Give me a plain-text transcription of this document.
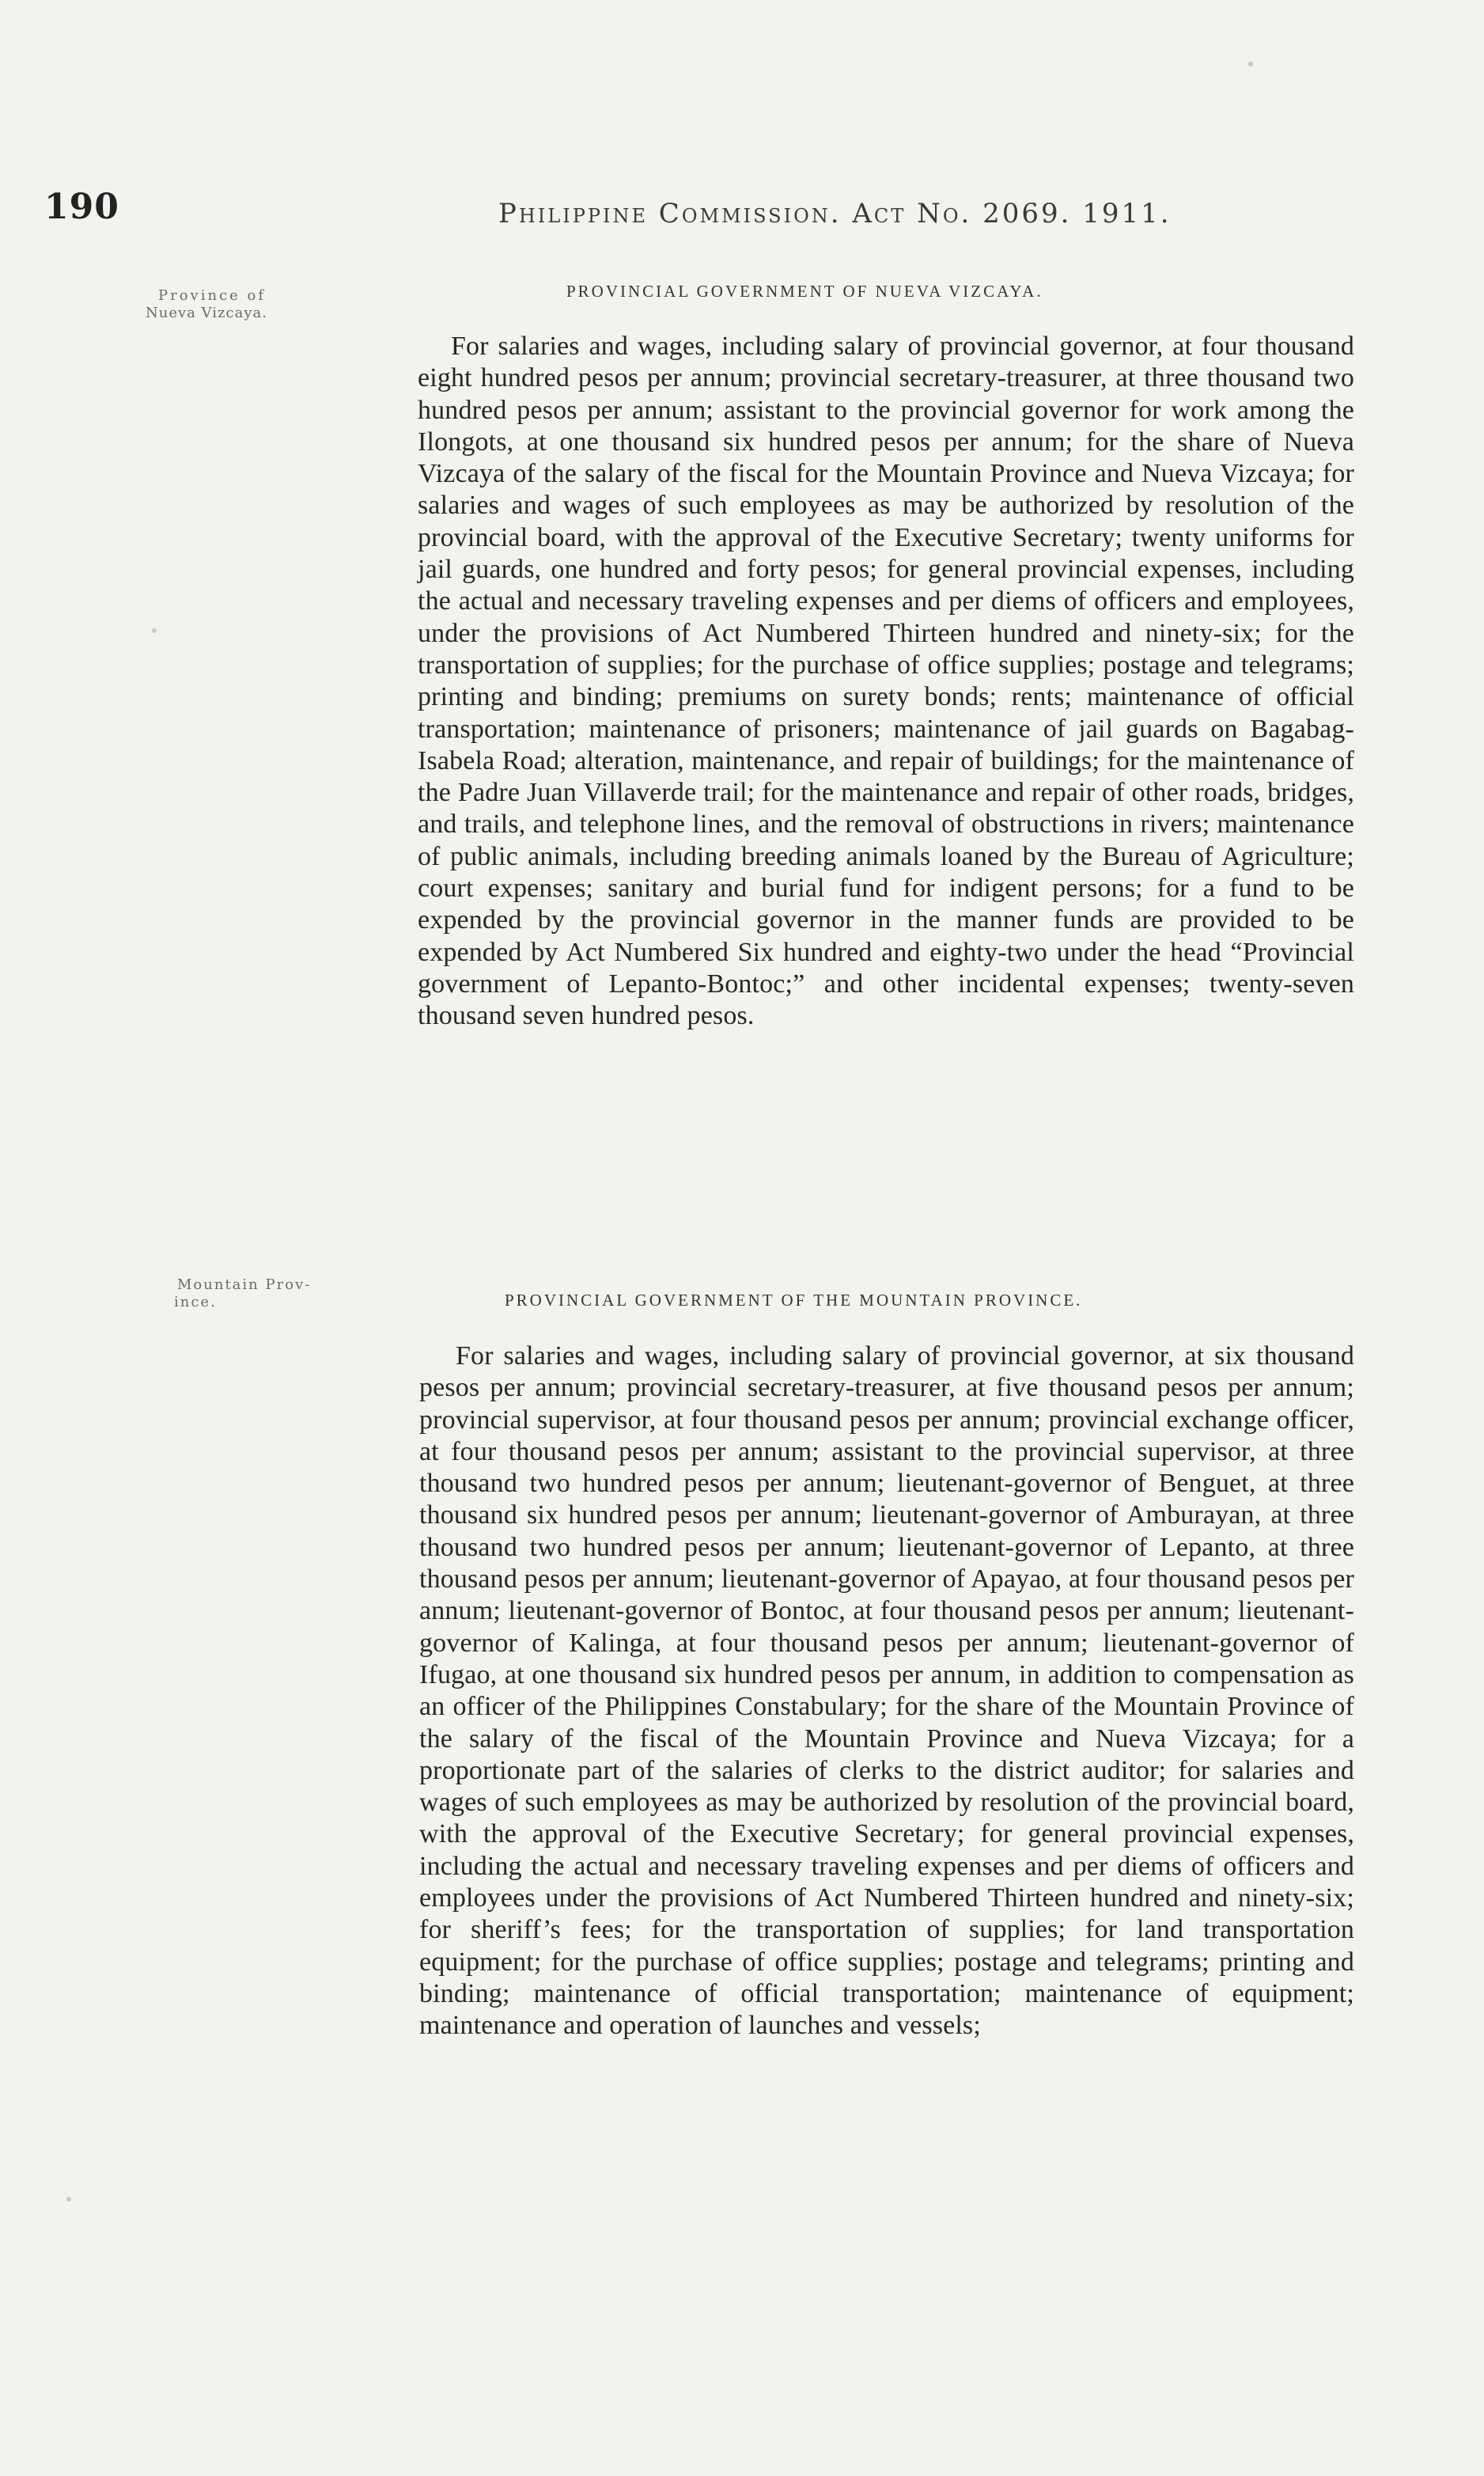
190	Philippine Commission. Act No. 2069. 1911.
Province of
Nueva Vizcaya.
PROVINCIAL GOVERNMENT OF NUEVA VIZCAYA.
For salaries and wages, including salary of provincial governor, at four thousand eight hundred pesos per annum; provincial secretary-treasurer, at three thousand two hundred pesos per annum; assistant to the provincial governor for work among the Ilongots, at one thousand six hundred pesos per annum; for the share of Nueva Vizcaya of the salary of the fiscal for the Mountain Province and Nueva Vizcaya; for salaries and wages of such employees as may be authorized by resolution of the provincial board, with the approval of the Executive Secretary; twenty uniforms for jail guards, one hundred and forty pesos; for general provincial expenses, including the actual and necessary traveling expenses and per diems of officers and employees, under the provisions of Act Numbered Thirteen hundred and ninety-six; for the transportation of supplies; for the purchase of office supplies; postage and telegrams; printing and binding; premiums on surety bonds; rents; maintenance of official transportation; maintenance of prisoners; maintenance of jail guards on Bagabag-Isabela Road; alteration, maintenance, and repair of buildings; for the maintenance of the Padre Juan Villaverde trail; for the maintenance and repair of other roads, bridges, and trails, and telephone lines, and the removal of obstructions in rivers; maintenance of public animals, including breeding animals loaned by the Bureau of Agriculture; court expenses; sanitary and burial fund for indigent persons; for a fund to be expended by the provincial governor in the manner funds are provided to be expended by Act Numbered Six hundred and eighty-two under the head “Provincial government of Lepanto-Bontoc;” and other incidental expenses; twenty-seven thousand seven hundred pesos.
Mountain Prov-
ince.	PROVINCIAL GOVERNMENT OF THE MOUNTAIN PROVINCE.
For salaries and wages, including salary of provincial governor, at six thousand pesos per annum; provincial secretary-treasurer, at five thousand pesos per annum; provincial supervisor, at four thousand pesos per annum; provincial exchange officer, at four thousand pesos per annum; assistant to the provincial supervisor, at three thousand two hundred pesos per annum; lieutenant-governor of Benguet, at three thousand six hundred pesos per annum; lieutenant-governor of Amburayan, at three thousand two hundred pesos per annum; lieutenant-governor of Lepanto, at three thousand pesos per annum; lieutenant-governor of Apayao, at four thousand pesos per annum; lieutenant-governor of Bontoc, at four thousand pesos per annum; lieutenant-governor of Kalinga, at four thousand pesos per annum; lieutenant-governor of Ifugao, at one thousand six hundred pesos per annum, in addition to compensation as an officer of the Philippines Constabulary; for the share of the Mountain Province of the salary of the fiscal of the Mountain Province and Nueva Vizcaya; for a proportionate part of the salaries of clerks to the district auditor; for salaries and wages of such employees as may be authorized by resolution of the provincial board, with the approval of the Executive Secretary; for general provincial expenses, including the actual and necessary traveling expenses and per diems of officers and employees under the provisions of Act Numbered Thirteen hundred and ninety-six; for sheriff’s fees; for the transportation of supplies; for land transportation equipment; for the purchase of office supplies; postage and telegrams; printing and binding; maintenance of official transportation; maintenance of equipment; maintenance and operation of launches and vessels;
